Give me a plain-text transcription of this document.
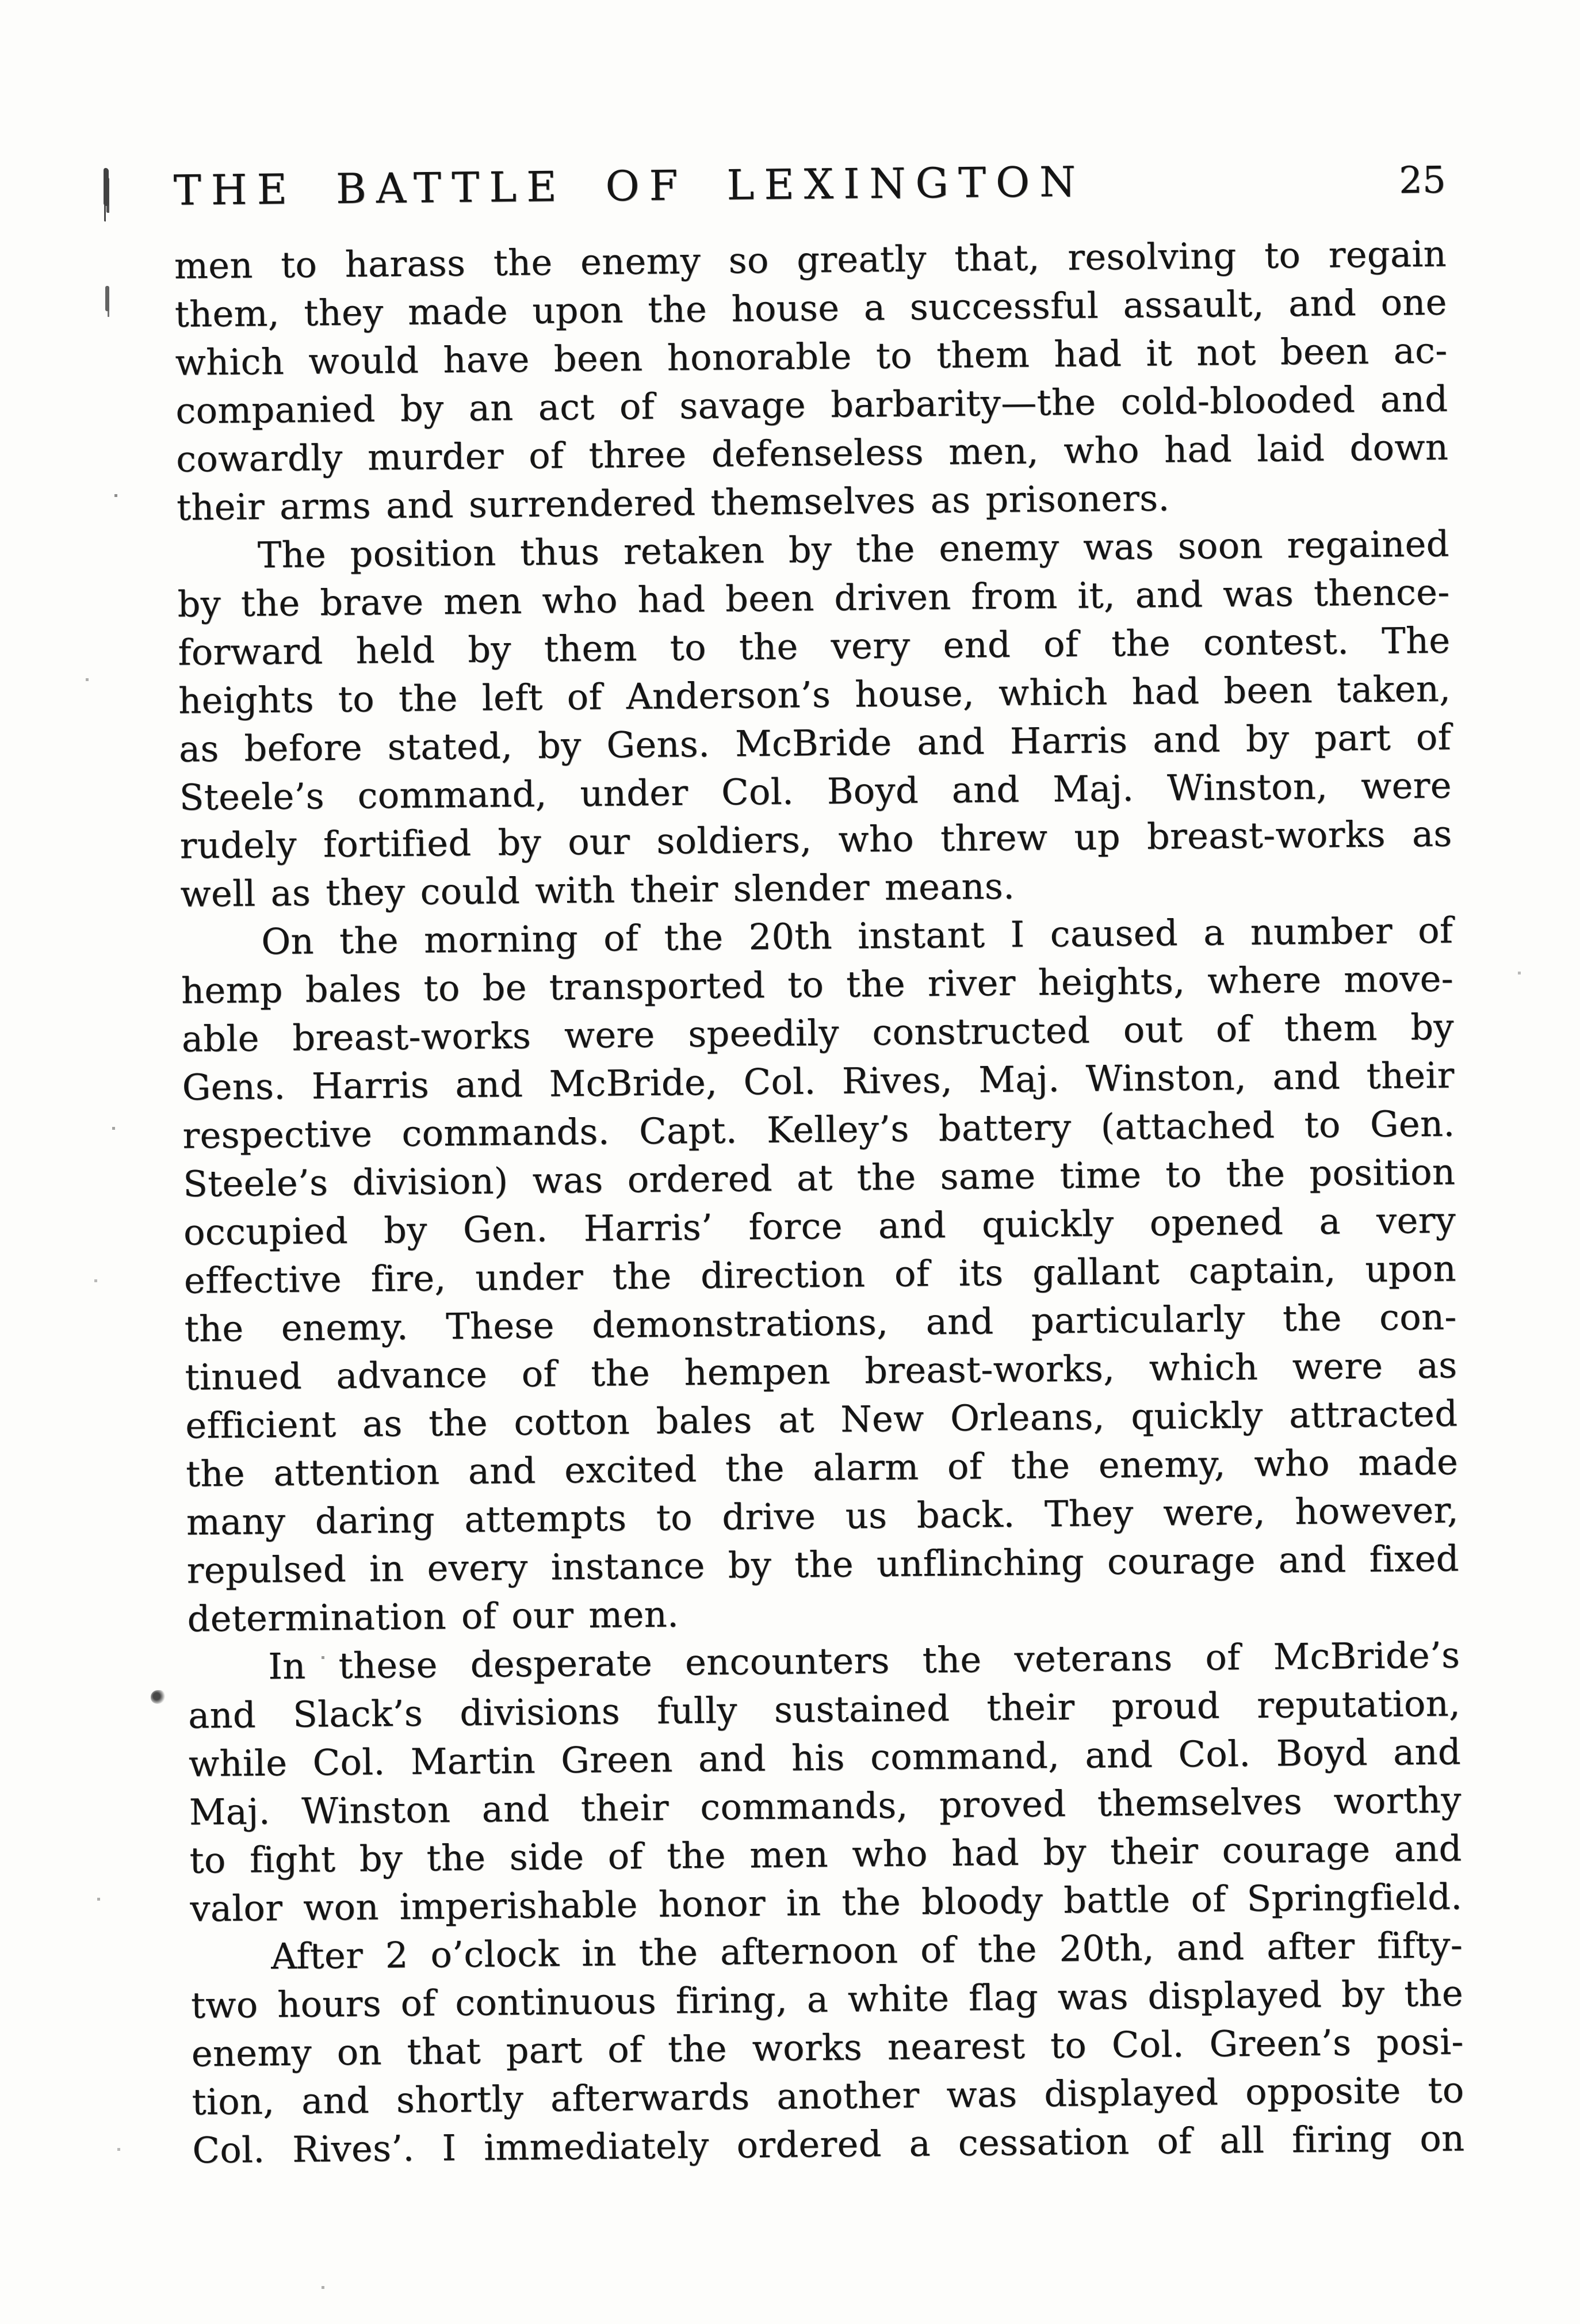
THE BATTLE OF LEXINGTON	25
men to harass the enemy so greatly that, resolving to regain
them, they made upon the house a successful assault, and one
which would have been honorable to them had it not been ac-
companied by an act of savage barbarity—the cold-blooded and
cowardly murder of three defenseless men, who had laid down
their arms and surrendered themselves as prisoners.
The position thus retaken by the enemy was soon regained
by the brave men who had been driven from it, and was thence-
forward held by them to the very end of the contest. The
heights to the left of Anderson’s house, which had been taken,
as before stated, by Gens. McBride and Harris and by part of
Steele’s command, under Col. Boyd and Maj. Winston, were
rudely fortified by our soldiers, who threw up breast-works as
well as they could with their slender means.
On the morning of the 20th instant I caused a number of
hemp bales to be transported to the river heights, where move-
able breast-works were speedily constructed out of them by
Gens. Harris and McBride, Col. Rives, Maj. Winston, and their
respective commands. Capt. Kelley’s battery (attached to Gen.
Steele’s division) was ordered at the same time to the position
occupied by Gen. Harris’ force and quickly opened a very
effective fire, under the direction of its gallant captain, upon
the enemy. These demonstrations, and particularly the con-
tinued advance of the hempen breast-works, which were as
efficient as the cotton bales at New Orleans, quickly attracted
the attention and excited the alarm of the enemy, who made
many daring attempts to drive us back. They were, however,
repulsed in every instance by the unflinching courage and fixed
determination of our men.
In these desperate encounters the veterans of McBride’s
and Slack’s divisions fully sustained their proud reputation,
while Col. Martin Green and his command, and Col. Boyd and
Maj. Winston and their commands, proved themselves worthy
to fight by the side of the men who had by their courage and
valor won imperishable honor in the bloody battle of Springfield.
After 2 o’clock in the afternoon of the 20th, and after fifty-
two hours of continuous firing, a white flag was displayed by the
enemy on that part of the works nearest to Col. Green’s posi-
tion, and shortly afterwards another was displayed opposite to
Col. Rives’. I immediately ordered a cessation of all firing on
